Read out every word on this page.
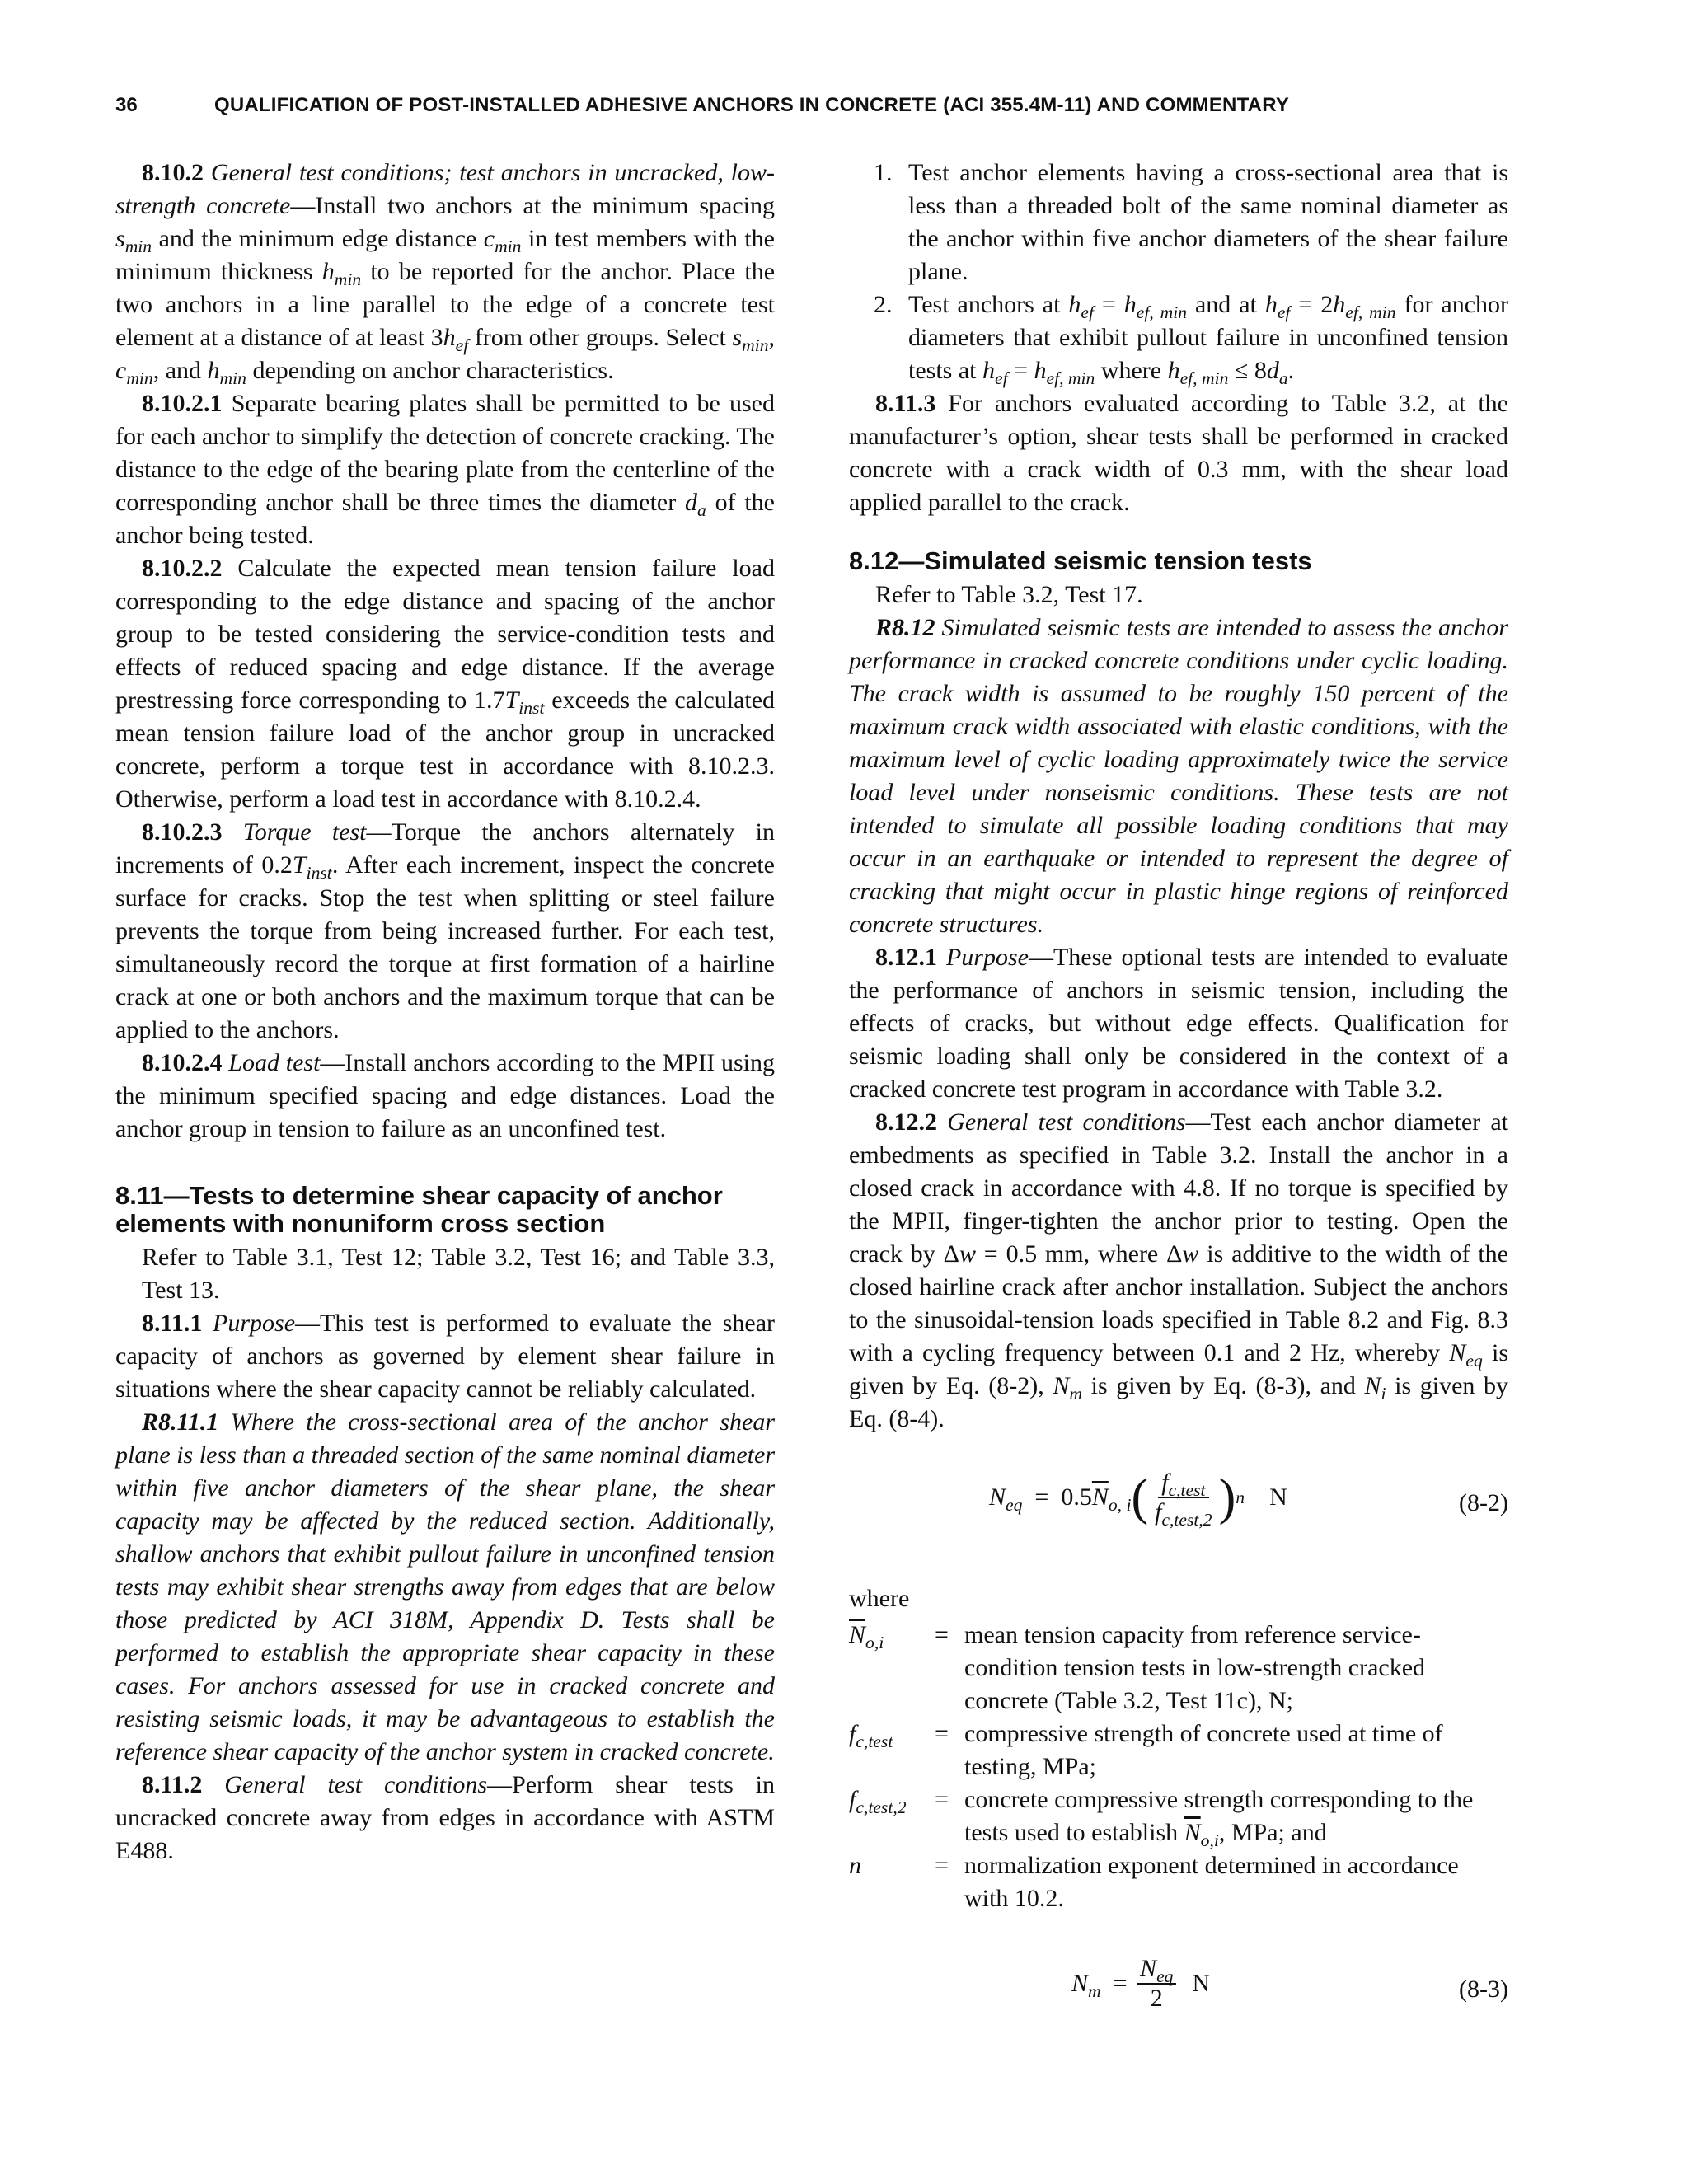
36	QUALIFICATION OF POST-INSTALLED ADHESIVE ANCHORS IN CONCRETE (ACI 355.4M-11) AND COMMENTARY

8.10.2 General test conditions; test anchors in uncracked, low-strength concrete—Install two anchors at the minimum spacing $s_{min}$ and the minimum edge distance $c_{min}$ in test members with the minimum thickness $h_{min}$ to be reported for the anchor. Place the two anchors in a line parallel to the edge of a concrete test element at a distance of at least $3h_{ef}$ from other groups. Select $s_{min}$, $c_{min}$, and $h_{min}$ depending on anchor characteristics.

8.10.2.1 Separate bearing plates shall be permitted to be used for each anchor to simplify the detection of concrete cracking. The distance to the edge of the bearing plate from the centerline of the corresponding anchor shall be three times the diameter $d_a$ of the anchor being tested.

8.10.2.2 Calculate the expected mean tension failure load corresponding to the edge distance and spacing of the anchor group to be tested considering the service-condition tests and effects of reduced spacing and edge distance. If the average prestressing force corresponding to $1.7T_{inst}$ exceeds the calculated mean tension failure load of the anchor group in uncracked concrete, perform a torque test in accordance with 8.10.2.3. Otherwise, perform a load test in accordance with 8.10.2.4.

8.10.2.3 Torque test—Torque the anchors alternately in increments of $0.2T_{inst}$. After each increment, inspect the concrete surface for cracks. Stop the test when splitting or steel failure prevents the torque from being increased further. For each test, simultaneously record the torque at first formation of a hairline crack at one or both anchors and the maximum torque that can be applied to the anchors.

8.10.2.4 Load test—Install anchors according to the MPII using the minimum specified spacing and edge distances. Load the anchor group in tension to failure as an unconfined test.

8.11—Tests to determine shear capacity of anchor elements with nonuniform cross section

Refer to Table 3.1, Test 12; Table 3.2, Test 16; and Table 3.3, Test 13.

8.11.1 Purpose—This test is performed to evaluate the shear capacity of anchors as governed by element shear failure in situations where the shear capacity cannot be reliably calculated.

R8.11.1 Where the cross-sectional area of the anchor shear plane is less than a threaded section of the same nominal diameter within five anchor diameters of the shear plane, the shear capacity may be affected by the reduced section. Additionally, shallow anchors that exhibit pullout failure in unconfined tension tests may exhibit shear strengths away from edges that are below those predicted by ACI 318M, Appendix D. Tests shall be performed to establish the appropriate shear capacity in these cases. For anchors assessed for use in cracked concrete and resisting seismic loads, it may be advantageous to establish the reference shear capacity of the anchor system in cracked concrete.

8.11.2 General test conditions—Perform shear tests in uncracked concrete away from edges in accordance with ASTM E488.

1. Test anchor elements having a cross-sectional area that is less than a threaded bolt of the same nominal diameter as the anchor within five anchor diameters of the shear failure plane.
2. Test anchors at $h_{ef} = h_{ef, min}$ and at $h_{ef} = 2h_{ef, min}$ for anchor diameters that exhibit pullout failure in unconfined tension tests at $h_{ef} = h_{ef, min}$ where $h_{ef, min} \le 8d_a$.

8.11.3 For anchors evaluated according to Table 3.2, at the manufacturer’s option, shear tests shall be performed in cracked concrete with a crack width of 0.3 mm, with the shear load applied parallel to the crack.

8.12—Simulated seismic tension tests

Refer to Table 3.2, Test 17.

R8.12 Simulated seismic tests are intended to assess the anchor performance in cracked concrete conditions under cyclic loading. The crack width is assumed to be roughly 150 percent of the maximum crack width associated with elastic conditions, with the maximum level of cyclic loading approximately twice the service load level under nonseismic conditions. These tests are not intended to simulate all possible loading conditions that may occur in an earthquake or intended to represent the degree of cracking that might occur in plastic hinge regions of reinforced concrete structures.

8.12.1 Purpose—These optional tests are intended to evaluate the performance of anchors in seismic tension, including the effects of cracks, but without edge effects. Qualification for seismic loading shall only be considered in the context of a cracked concrete test program in accordance with Table 3.2.

8.12.2 General test conditions—Test each anchor diameter at embedments as specified in Table 3.2. Install the anchor in a closed crack in accordance with 4.8. If no torque is specified by the MPII, finger-tighten the anchor prior to testing. Open the crack by Δw = 0.5 mm, where Δw is additive to the width of the closed hairline crack after anchor installation. Subject the anchors to the sinusoidal-tension loads specified in Table 8.2 and Fig. 8.3 with a cycling frequency between 0.1 and 2 Hz, whereby $N_{eq}$ is given by Eq. (8-2), $N_m$ is given by Eq. (8-3), and $N_i$ is given by Eq. (8-4).

$N_{eq} = 0.5$ $\overline{N}$ $_{o, i}$ ( $\frac{f_{c,test}}{f_{c,test,2}}$ ) n
N	(8-2)

where

$\overline{N}_{o,i}$ = mean tension capacity from reference service-condition tension tests in low-strength cracked concrete (Table 3.2, Test 11c), N;
$f_{c,test}$ = compressive strength of concrete used at time of testing, MPa;
$f_{c,test,2}$ = concrete compressive strength corresponding to the tests used to establish $\overline{N}_{o,i}$, MPa; and
n	= normalization exponent determined in accordance with 10.2.
$N_m = \frac{N_{eq}}{2}$
N	(8-3)
